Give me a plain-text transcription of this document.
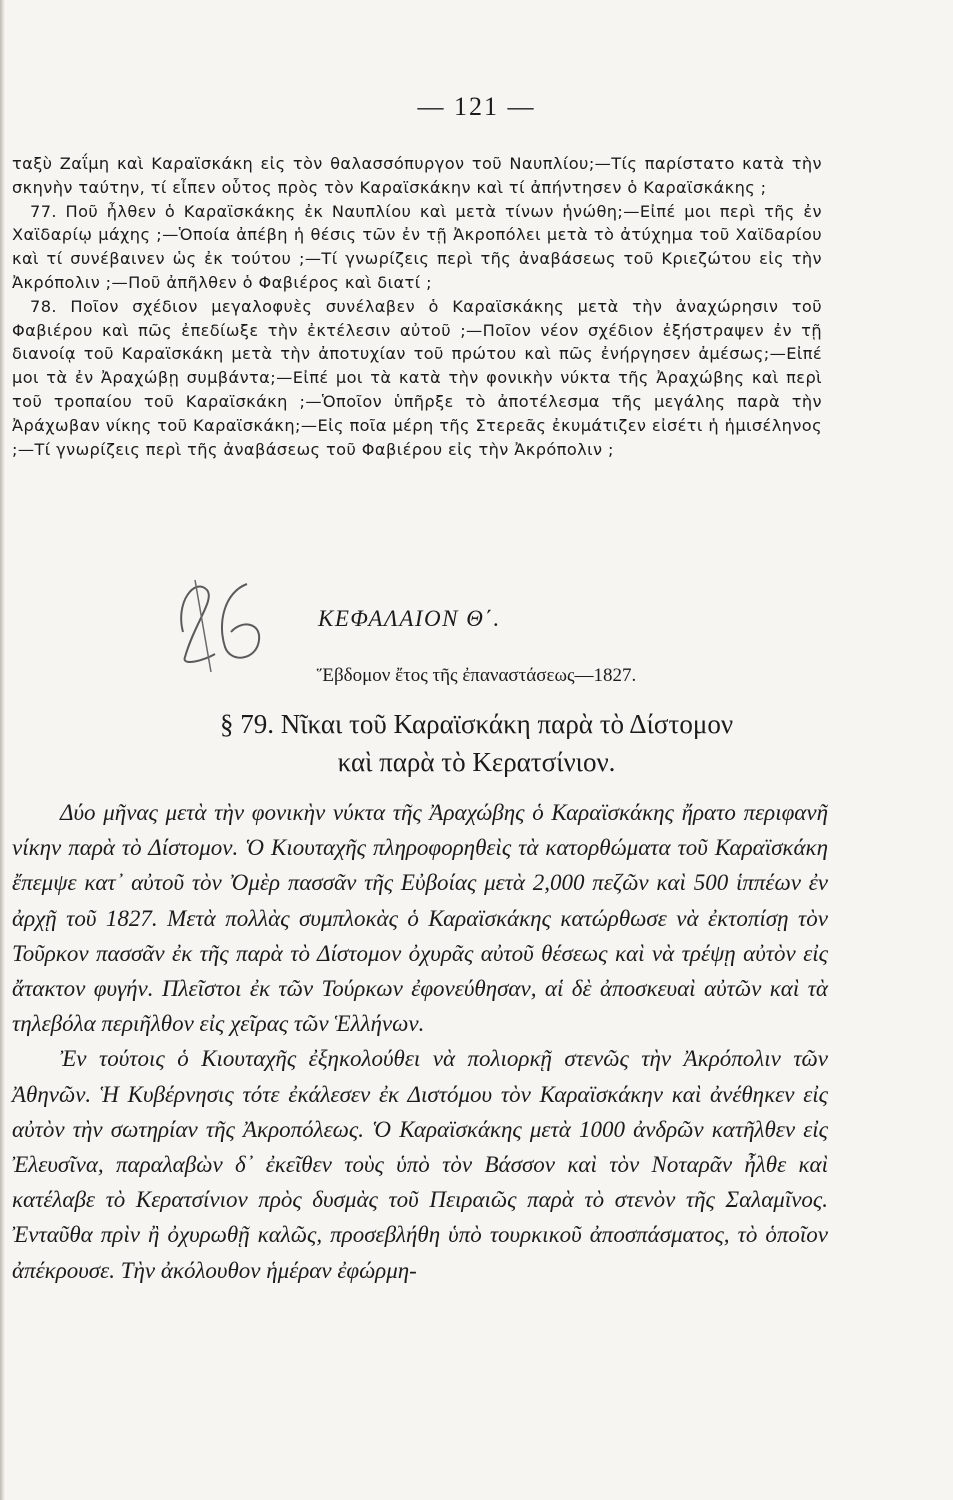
— 121 —

ταξὺ Ζαΐμη καὶ Καραϊσκάκη εἰς τὸν θαλασσόπυργον τοῦ Ναυπλίου;—Τίς παρίστατο κατὰ τὴν σκηνὴν ταύτην, τί εἶπεν οὗτος πρὸς τὸν Καραϊσκάκην καὶ τί ἀπήντησεν ὁ Καραϊσκάκης ;

77. Ποῦ ἦλθεν ὁ Καραϊσκάκης ἐκ Ναυπλίου καὶ μετὰ τίνων ἡνώθη;—Εἰπέ μοι περὶ τῆς ἐν Χαϊδαρίῳ μάχης ;—Ὁποία ἀπέβη ἡ θέσις τῶν ἐν τῇ Ἀκροπόλει μετὰ τὸ ἀτύχημα τοῦ Χαϊδαρίου καὶ τί συνέβαινεν ὡς ἐκ τούτου ;—Τί γνωρίζεις περὶ τῆς ἀναβάσεως τοῦ Κριεζώτου εἰς τὴν Ἀκρόπολιν ;—Ποῦ ἀπῆλθεν ὁ Φαβιέρος καὶ διατί ;

78. Ποῖον σχέδιον μεγαλοφυὲς συνέλαβεν ὁ Καραϊσκάκης μετὰ τὴν ἀναχώρησιν τοῦ Φαβιέρου καὶ πῶς ἐπεδίωξε τὴν ἐκτέλεσιν αὐτοῦ ;—Ποῖον νέον σχέδιον ἐξήστραψεν ἐν τῇ διανοίᾳ τοῦ Καραϊσκάκη μετὰ τὴν ἀποτυχίαν τοῦ πρώτου καὶ πῶς ἐνήργησεν ἀμέσως;—Εἰπέ μοι τὰ ἐν Ἀραχώβῃ συμβάντα;—Εἰπέ μοι τὰ κατὰ τὴν φονικὴν νύκτα τῆς Ἀραχώβης καὶ περὶ τοῦ τροπαίου τοῦ Καραϊσκάκη ;—Ὁποῖον ὑπῆρξε τὸ ἀποτέλεσμα τῆς μεγάλης παρὰ τὴν Ἀράχωβαν νίκης τοῦ Καραϊσκάκη;—Εἰς ποῖα μέρη τῆς Στερεᾶς ἐκυμάτιζεν εἰσέτι ἡ ἡμισέληνος ;—Τί γνωρίζεις περὶ τῆς ἀναβάσεως τοῦ Φαβιέρου εἰς τὴν Ἀκρόπολιν ;

ΚΕΦΑΛΑΙΟΝ Θ΄.
Ἕβδομον ἔτος τῆς ἐπαναστάσεως—1827.
§ 79. Νῖκαι τοῦ Καραϊσκάκη παρὰ τὸ Δίστομον
καὶ παρὰ τὸ Κερατσίνιον.

Δύο μῆνας μετὰ τὴν φονικὴν νύκτα τῆς Ἀραχώβης ὁ Καραϊσκάκης ἤρατο περιφανῆ νίκην παρὰ τὸ Δίστομον. Ὁ Κιουταχῆς πληροφορηθεὶς τὰ κατορθώματα τοῦ Καραϊσκάκη ἔπεμψε κατ᾽ αὐτοῦ τὸν Ὀμὲρ πασσᾶν τῆς Εὐβοίας μετὰ 2,000 πεζῶν καὶ 500 ἱππέων ἐν ἀρχῇ τοῦ 1827. Μετὰ πολλὰς συμπλοκὰς ὁ Καραϊσκάκης κατώρθωσε νὰ ἐκτοπίσῃ τὸν Τοῦρκον πασσᾶν ἐκ τῆς παρὰ τὸ Δίστομον ὀχυρᾶς αὐτοῦ θέσεως καὶ νὰ τρέψῃ αὐτὸν εἰς ἄτακτον φυγήν. Πλεῖστοι ἐκ τῶν Τούρκων ἐφονεύθησαν, αἱ δὲ ἀποσκευαὶ αὐτῶν καὶ τὰ τηλεβόλα περιῆλθον εἰς χεῖρας τῶν Ἑλλήνων.

Ἐν τούτοις ὁ Κιουταχῆς ἐξηκολούθει νὰ πολιορκῇ στενῶς τὴν Ἀκρόπολιν τῶν Ἀθηνῶν. Ἡ Κυβέρνησις τότε ἐκάλεσεν ἐκ Διστόμου τὸν Καραϊσκάκην καὶ ἀνέθηκεν εἰς αὐτὸν τὴν σωτηρίαν τῆς Ἀκροπόλεως. Ὁ Καραϊσκάκης μετὰ 1000 ἀνδρῶν κατῆλθεν εἰς Ἐλευσῖνα, παραλαβὼν δ᾽ ἐκεῖθεν τοὺς ὑπὸ τὸν Βάσσον καὶ τὸν Νοταρᾶν ἦλθε καὶ κατέλαβε τὸ Κερατσίνιον πρὸς δυσμὰς τοῦ Πειραιῶς παρὰ τὸ στενὸν τῆς Σαλαμῖνος. Ἐνταῦθα πρὶν ἢ ὀχυρωθῇ καλῶς, προσεβλήθη ὑπὸ τουρκικοῦ ἀποσπάσματος, τὸ ὁποῖον ἀπέκρουσε. Τὴν ἀκόλουθον ἡμέραν ἐφώρμη-
